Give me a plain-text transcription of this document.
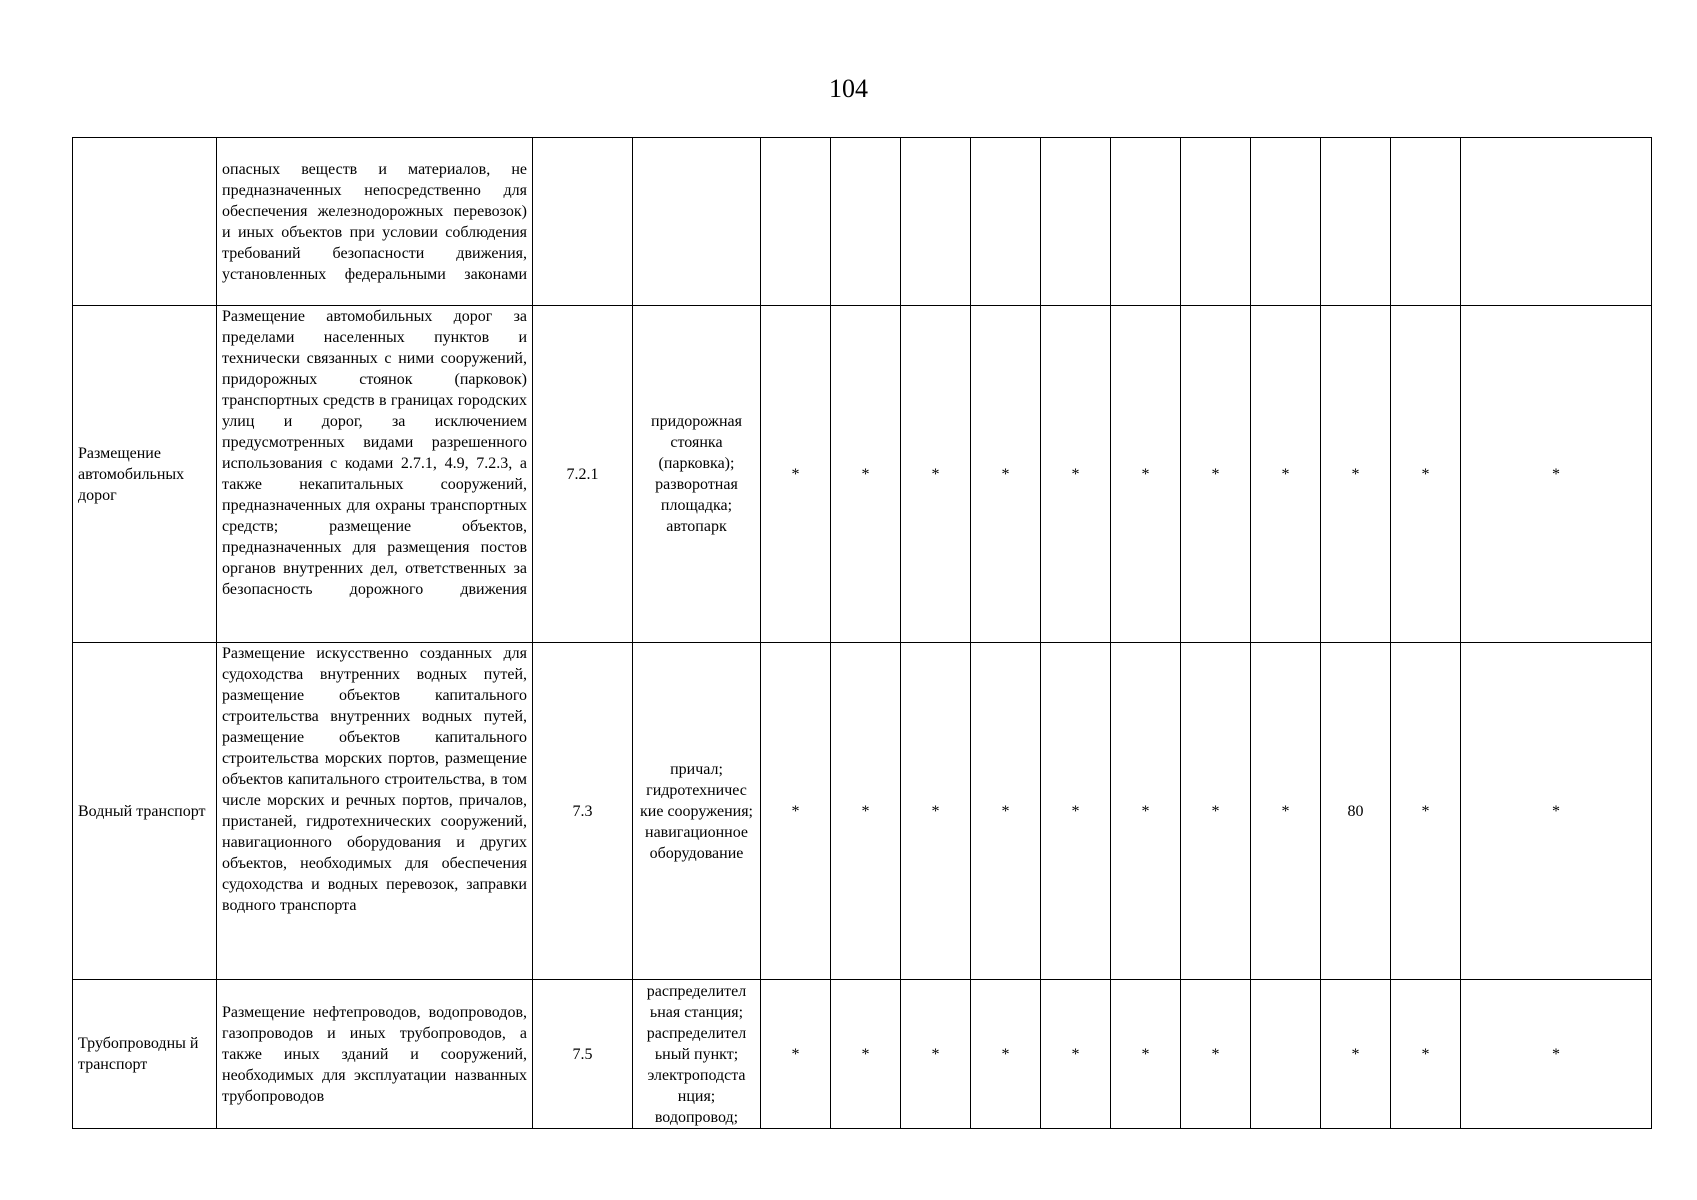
104
	опасных веществ и материалов, не предназначенных непосредственно для обеспечения железнодорожных перевозок) и иных объектов при условии соблюдения требований безопасности движения, установленных федеральными законами													
Размещение автомобильных дорог	Размещение автомобильных дорог за пределами населенных пунктов и технически связанных с ними сооружений, придорожных стоянок (парковок) транспортных средств в границах городских улиц и дорог, за исключением предусмотренных видами разрешенного использования с кодами 2.7.1, 4.9, 7.2.3, а также некапитальных сооружений, предназначенных для охраны транспортных средств; размещение объектов, предназначенных для размещения постов органов внутренних дел, ответственных за безопасность дорожного движения	7.2.1	придорожная стоянка (парковка); разворотная площадка; автопарк	*	*	*	*	*	*	*	*	*	*	*
Водный транспорт	Размещение искусственно созданных для судоходства внутренних водных путей, размещение объектов капитального строительства внутренних водных путей, размещение объектов капитального строительства морских портов, размещение объектов капитального строительства, в том числе морских и речных портов, причалов, пристаней, гидротехнических сооружений, навигационного оборудования и других объектов, необходимых для обеспечения судоходства и водных перевозок, заправки водного транспорта	7.3	причал; гидротехничес кие сооружения; навигационное оборудование	*	*	*	*	*	*	*	*	80	*	*
Трубопроводны й транспорт	Размещение нефтепроводов, водопроводов, газопроводов и иных трубопроводов, а также иных зданий и сооружений, необходимых для эксплуатации названных трубопроводов	7.5	распределител ьная станция; распределител ьный пункт; электроподста нция; водопровод;	*	*	*	*	*	*	*		*	*	*
